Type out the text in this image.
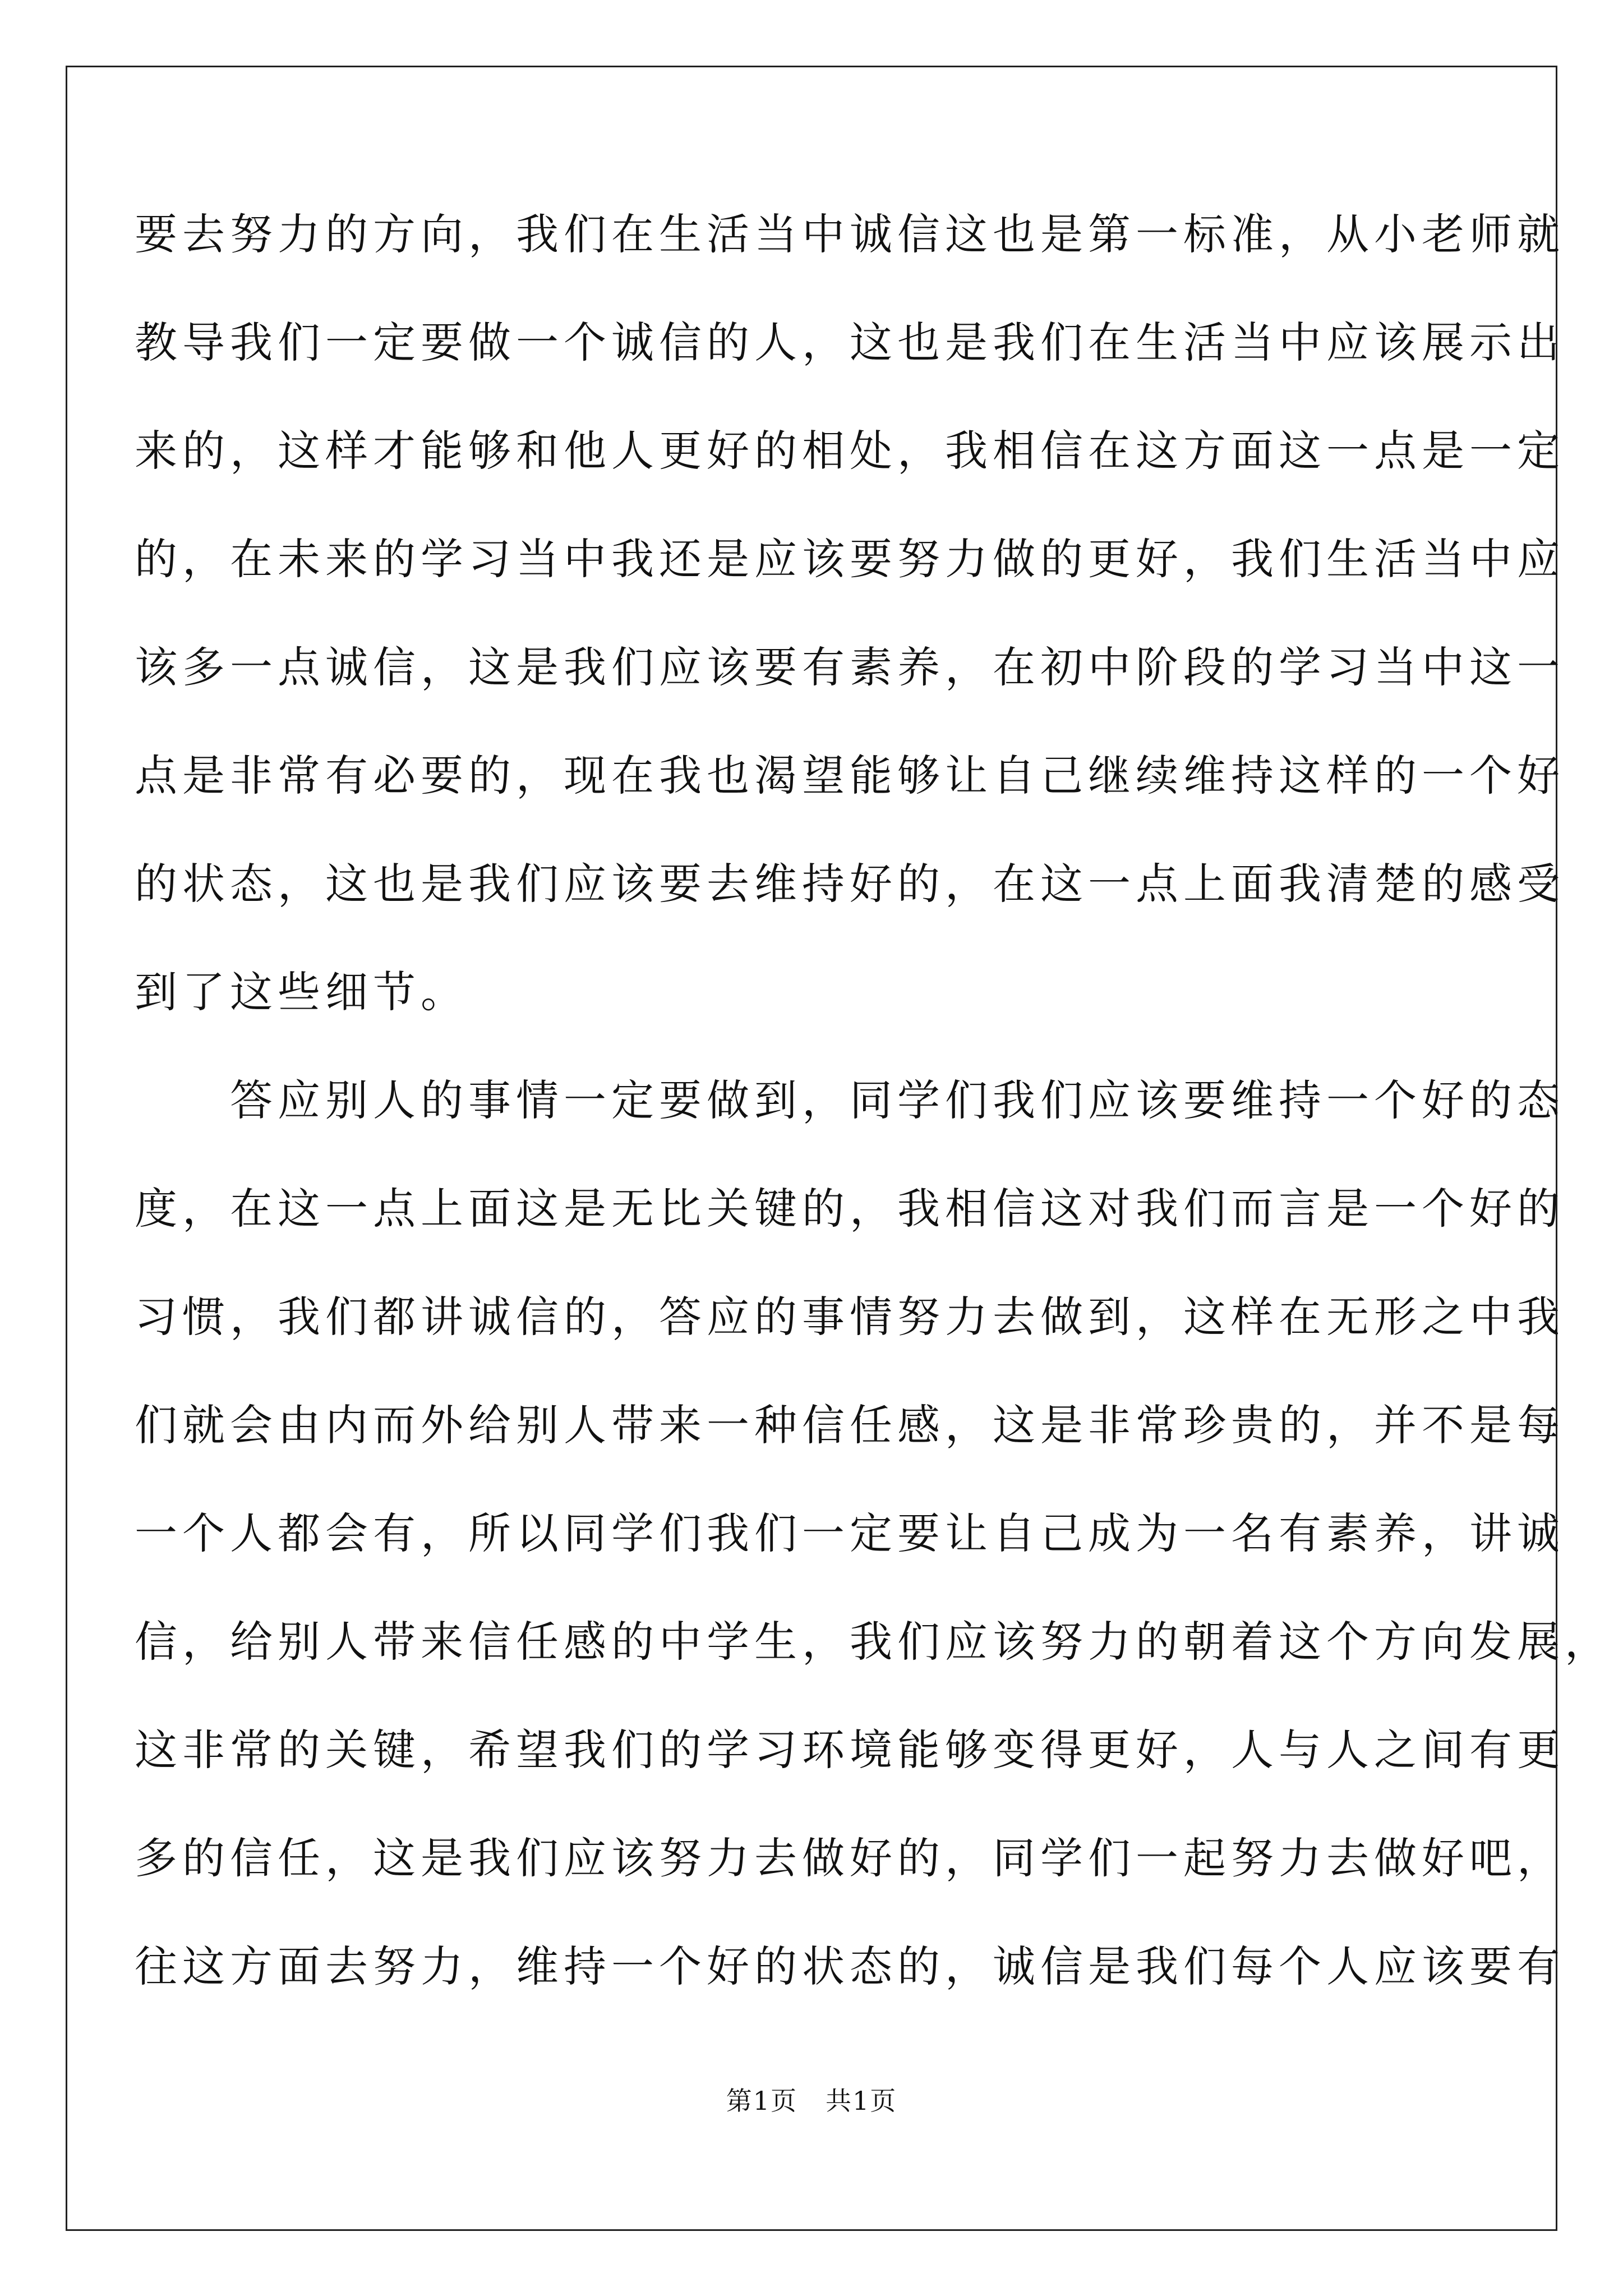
要去努力的方向，我们在生活当中诚信这也是第一标准，从小老师就
教导我们一定要做一个诚信的人，这也是我们在生活当中应该展示出
来的，这样才能够和他人更好的相处，我相信在这方面这一点是一定
的，在未来的学习当中我还是应该要努力做的更好，我们生活当中应
该多一点诚信，这是我们应该要有素养，在初中阶段的学习当中这一
点是非常有必要的，现在我也渴望能够让自己继续维持这样的一个好
的状态，这也是我们应该要去维持好的，在这一点上面我清楚的感受
到了这些细节。
　　答应别人的事情一定要做到，同学们我们应该要维持一个好的态
度，在这一点上面这是无比关键的，我相信这对我们而言是一个好的
习惯，我们都讲诚信的，答应的事情努力去做到，这样在无形之中我
们就会由内而外给别人带来一种信任感，这是非常珍贵的，并不是每
一个人都会有，所以同学们我们一定要让自己成为一名有素养，讲诚
信，给别人带来信任感的中学生，我们应该努力的朝着这个方向发展，
这非常的关键，希望我们的学习环境能够变得更好，人与人之间有更
多的信任，这是我们应该努力去做好的，同学们一起努力去做好吧，
往这方面去努力，维持一个好的状态的，诚信是我们每个人应该要有
第1页 共1页
